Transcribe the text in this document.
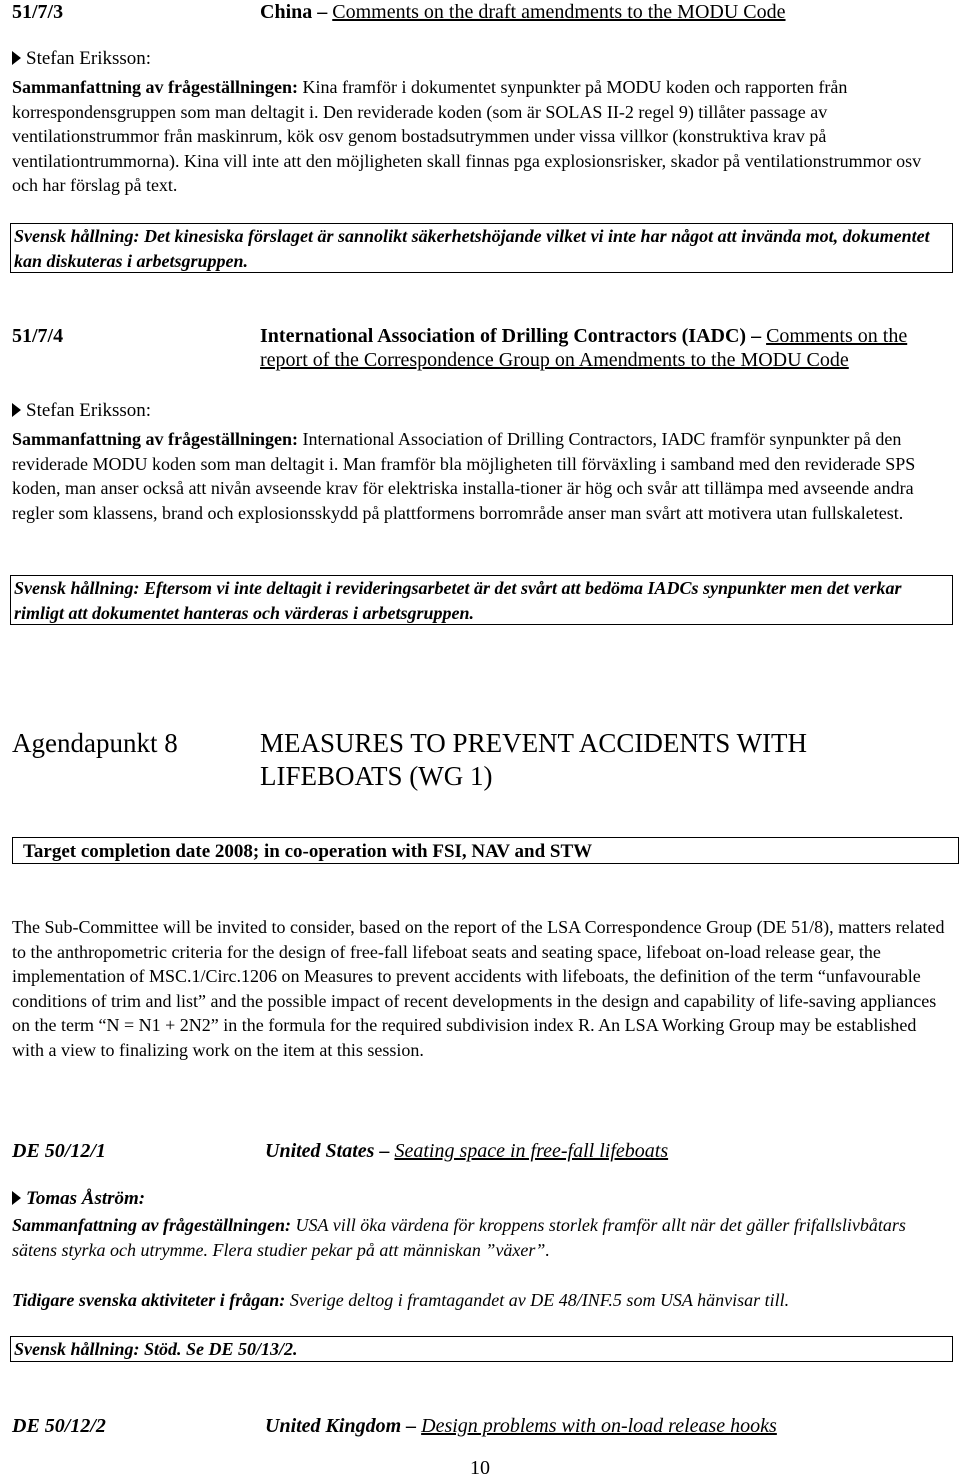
51/7/3	China – Comments on the draft amendments to the MODU Code
Stefan Eriksson:
Sammanfattning av frågeställningen: Kina framför i dokumentet synpunkter på MODU koden och rapporten från korrespondensgruppen som man deltagit i. Den reviderade koden (som är SOLAS II-2 regel 9) tillåter passage av ventilationstrummor från maskinrum, kök osv genom bostadsutrymmen under vissa villkor (konstruktiva krav på ventilationtrummorna). Kina vill inte att den möjligheten skall finnas pga explosionsrisker, skador på ventilationstrummor osv och har förslag på text.
Svensk hållning: Det kinesiska förslaget är sannolikt säkerhetshöjande vilket vi inte har något att invända mot, dokumentet kan diskuteras i arbetsgruppen.
51/7/4	International Association of Drilling Contractors (IADC) – Comments on the report of the Correspondence Group on Amendments to the MODU Code
Stefan Eriksson:
Sammanfattning av frågeställningen: International Association of Drilling Contractors, IADC framför synpunkter på den reviderade MODU koden som man deltagit i. Man framför bla möjligheten till förväxling i samband med den reviderade SPS koden, man anser också att nivån avseende krav för elektriska installa-tioner är hög och svår att tillämpa med avseende andra regler som klassens, brand och explosionsskydd på plattformens borrområde anser man svårt att motivera utan fullskaletest.
Svensk hållning: Eftersom vi inte deltagit i revideringsarbetet är det svårt att bedöma IADCs synpunkter men det verkar rimligt att dokumentet hanteras och värderas i arbetsgruppen.
Agendapunkt 8	MEASURES TO PREVENT ACCIDENTS WITH LIFEBOATS (WG 1)
Target completion date 2008; in co-operation with FSI, NAV and STW
The Sub-Committee will be invited to consider, based on the report of the LSA Correspondence Group (DE 51/8), matters related to the anthropometric criteria for the design of free-fall lifeboat seats and seating space, lifeboat on-load release gear, the implementation of MSC.1/Circ.1206 on Measures to prevent accidents with lifeboats, the definition of the term “unfavourable conditions of trim and list” and the possible impact of recent developments in the design and capability of life-saving appliances on the term “N = N1 + 2N2” in the formula for the required subdivision index R. An LSA Working Group may be established with a view to finalizing work on the item at this session.
DE 50/12/1	United States – Seating space in free-fall lifeboats
Tomas Åström:
Sammanfattning av frågeställningen: USA vill öka värdena för kroppens storlek framför allt när det gäller frifallslivbåtars sätens styrka och utrymme. Flera studier pekar på att människan ”växer”.
Tidigare svenska aktiviteter i frågan: Sverige deltog i framtagandet av DE 48/INF.5 som USA hänvisar till.
Svensk hållning: Stöd. Se DE 50/13/2.
DE 50/12/2	United Kingdom – Design problems with on-load release hooks
10
